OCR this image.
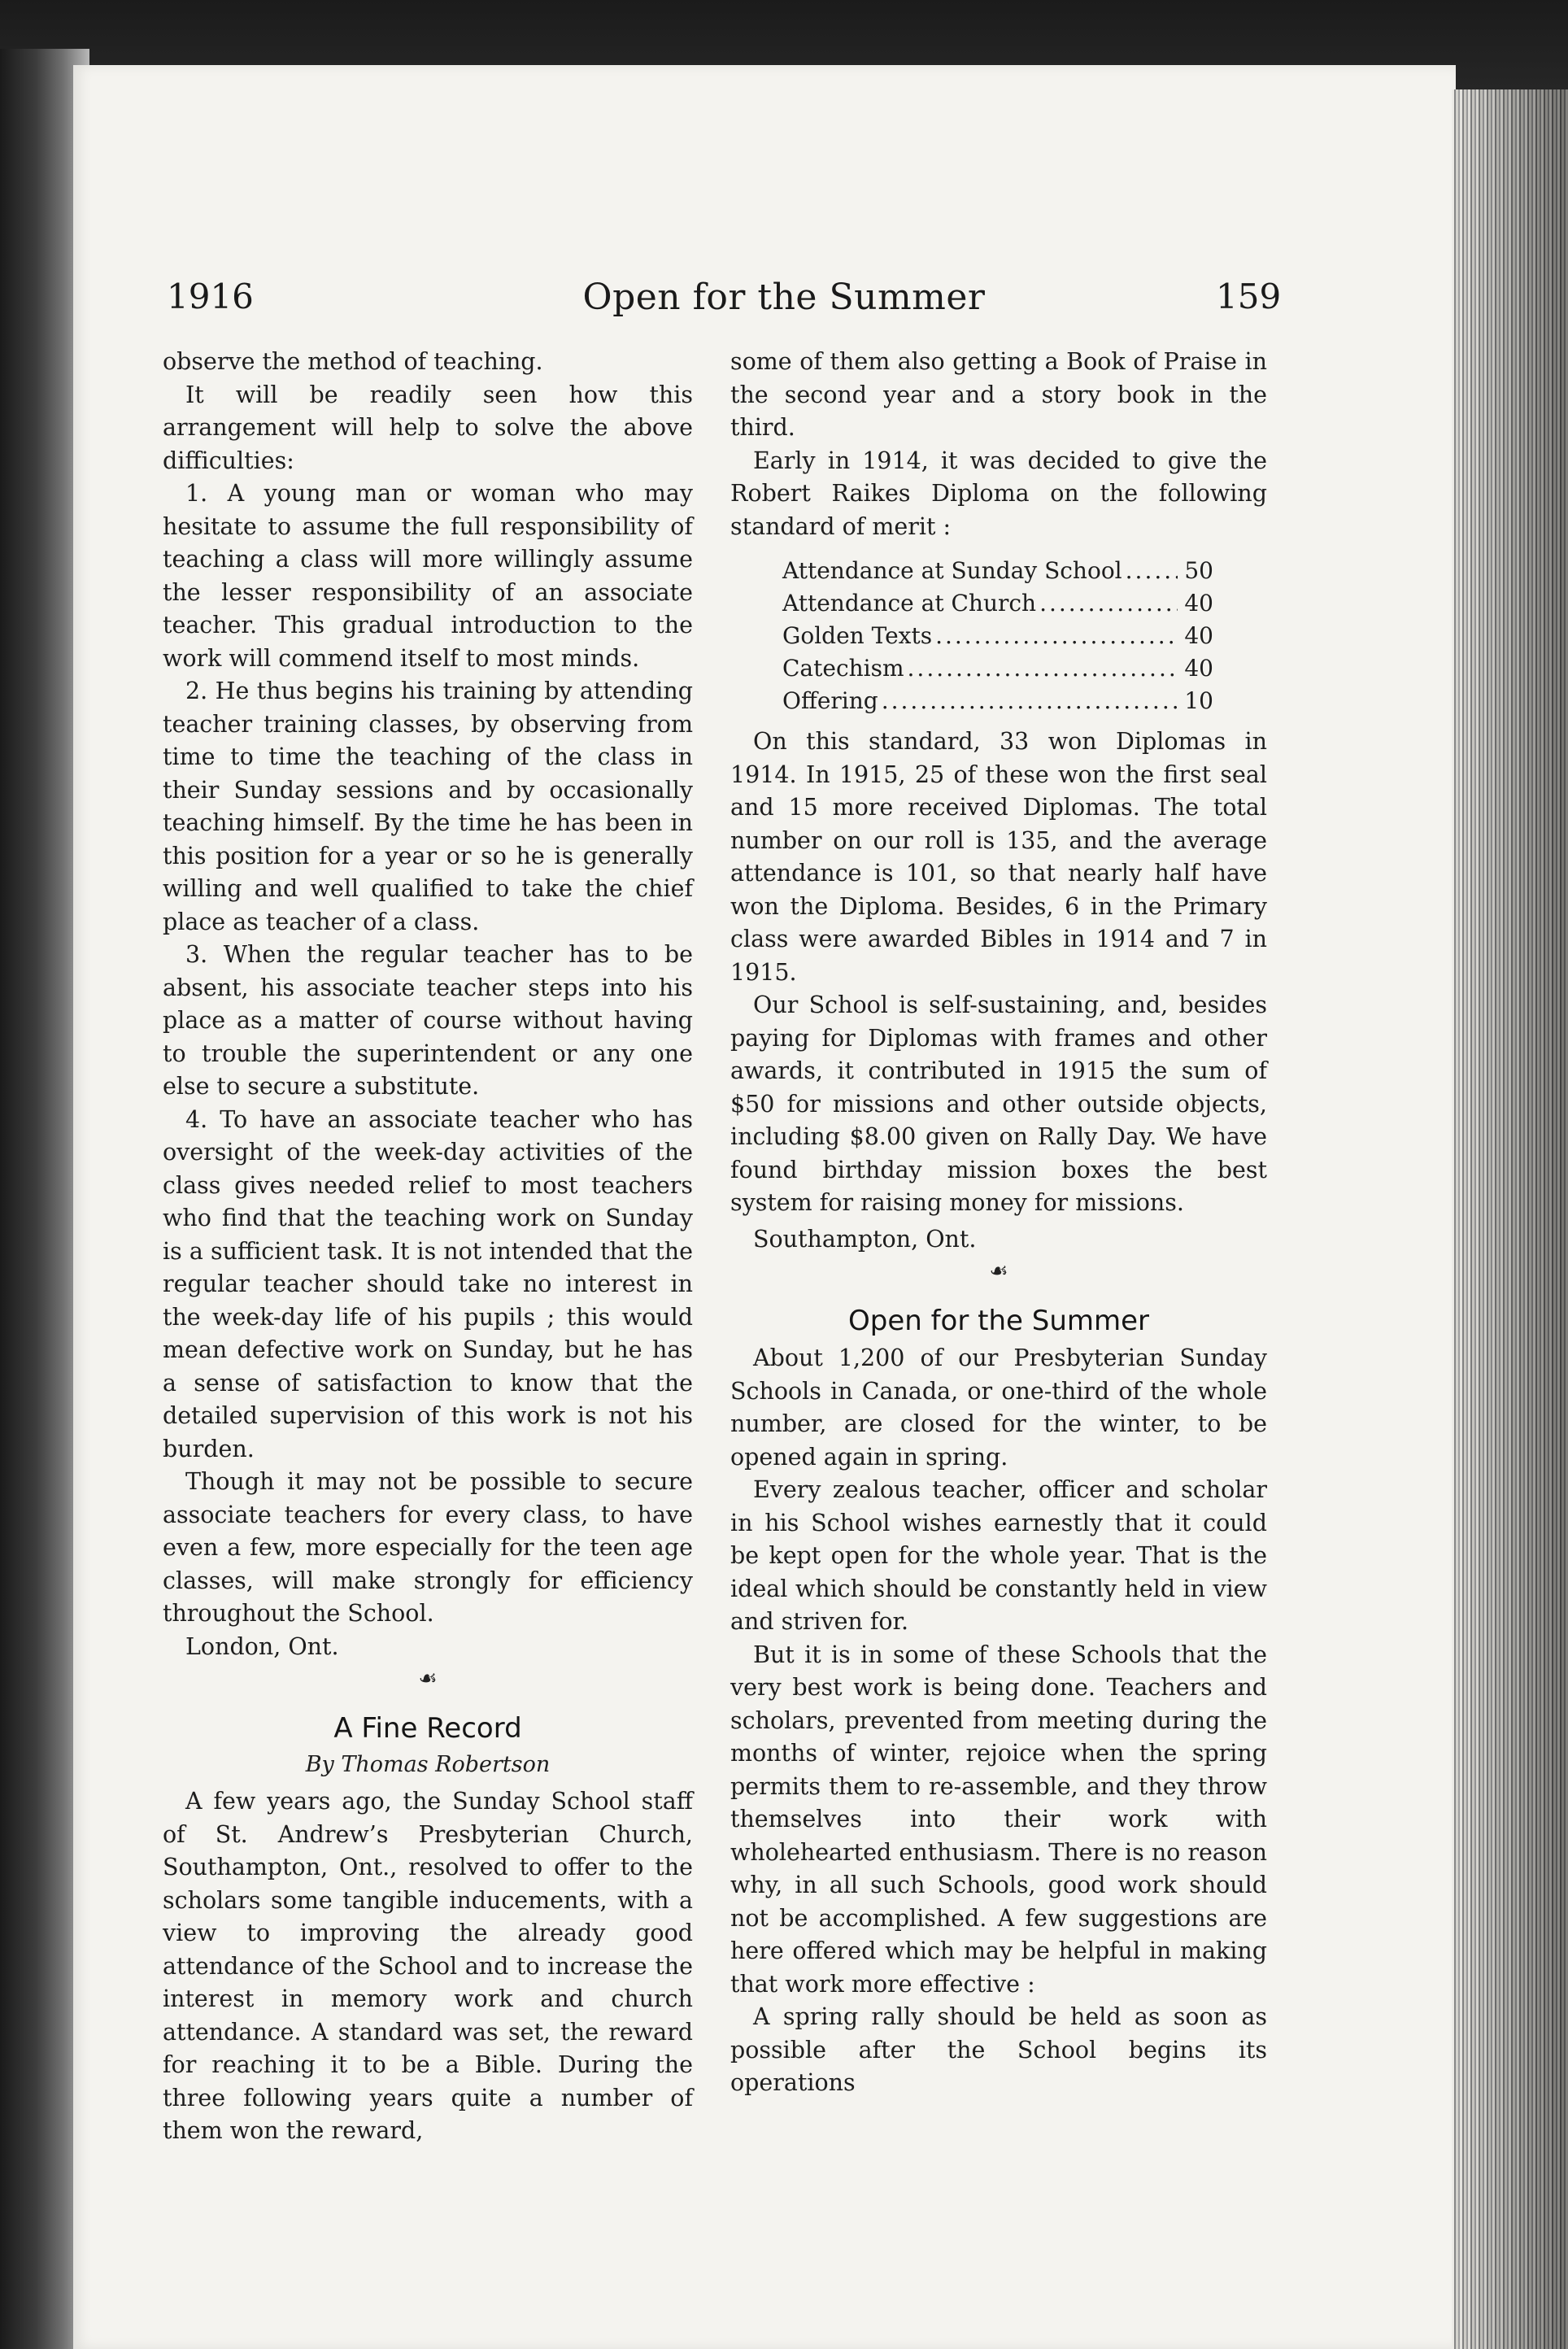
1916	Open for the Summer	159

observe the method of teaching.

It will be readily seen how this arrangement will help to solve the above difficulties:

1. A young man or woman who may hesitate to assume the full responsibility of teaching a class will more willingly assume the lesser responsibility of an associate teacher. This gradual introduction to the work will commend itself to most minds.

2. He thus begins his training by attending teacher training classes, by observing from time to time the teaching of the class in their Sunday sessions and by occasionally teaching himself. By the time he has been in this position for a year or so he is generally willing and well qualified to take the chief place as teacher of a class.

3. When the regular teacher has to be absent, his associate teacher steps into his place as a matter of course without having to trouble the superintendent or any one else to secure a substitute.

4. To have an associate teacher who has oversight of the week-day activities of the class gives needed relief to most teachers who find that the teaching work on Sunday is a sufficient task. It is not intended that the regular teacher should take no interest in the week-day life of his pupils ; this would mean defective work on Sunday, but he has a sense of satisfaction to know that the detailed supervision of this work is not his burden.

Though it may not be possible to secure associate teachers for every class, to have even a few, more especially for the teen age classes, will make strongly for efficiency throughout the School.

London, Ont.

☙
A Fine Record
By Thomas Robertson

A few years ago, the Sunday School staff of St. Andrew’s Presbyterian Church, Southampton, Ont., resolved to offer to the scholars some tangible inducements, with a view to improving the already good attendance of the School and to increase the interest in memory work and church attendance. A standard was set, the reward for reaching it to be a Bible. During the three following years quite a number of them won the reward,

some of them also getting a Book of Praise in the second year and a story book in the third.

Early in 1914, it was decided to give the Robert Raikes Diploma on the following standard of merit :

Attendance at Sunday School .....	50
Attendance at Church .....	40
Golden Texts .....	40
Catechism .....	40
Offering .....	10

On this standard, 33 won Diplomas in 1914. In 1915, 25 of these won the first seal and 15 more received Diplomas. The total number on our roll is 135, and the average attendance is 101, so that nearly half have won the Diploma. Besides, 6 in the Primary class were awarded Bibles in 1914 and 7 in 1915.

Our School is self-sustaining, and, besides paying for Diplomas with frames and other awards, it contributed in 1915 the sum of $50 for missions and other outside objects, including $8.00 given on Rally Day. We have found birthday mission boxes the best system for raising money for missions.

Southampton, Ont.

☙
Open for the Summer

About 1,200 of our Presbyterian Sunday Schools in Canada, or one-third of the whole number, are closed for the winter, to be opened again in spring.

Every zealous teacher, officer and scholar in his School wishes earnestly that it could be kept open for the whole year. That is the ideal which should be constantly held in view and striven for.

But it is in some of these Schools that the very best work is being done. Teachers and scholars, prevented from meeting during the months of winter, rejoice when the spring permits them to re-assemble, and they throw themselves into their work with wholehearted enthusiasm. There is no reason why, in all such Schools, good work should not be accomplished. A few suggestions are here offered which may be helpful in making that work more effective :

A spring rally should be held as soon as possible after the School begins its operations
